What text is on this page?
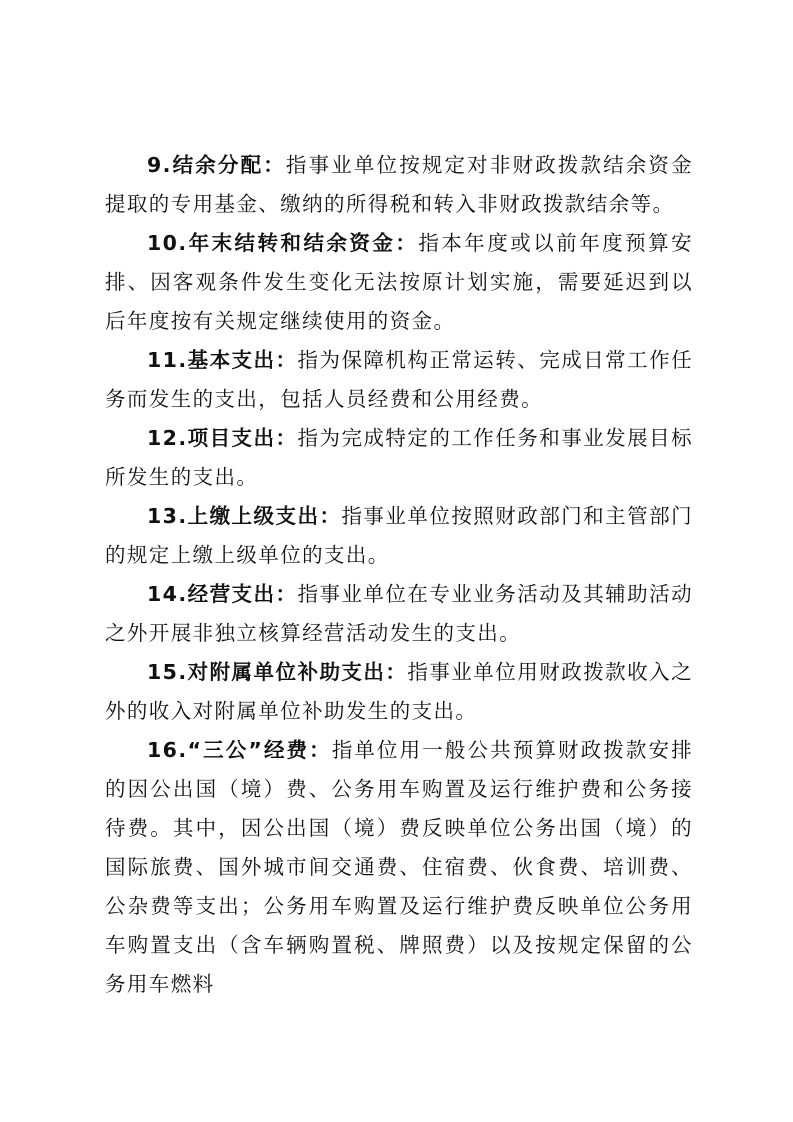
9.结余分配：指事业单位按规定对非财政拨款结余资金提取的专用基金、缴纳的所得税和转入非财政拨款结余等。

10.年末结转和结余资金：指本年度或以前年度预算安排、因客观条件发生变化无法按原计划实施，需要延迟到以后年度按有关规定继续使用的资金。

11.基本支出：指为保障机构正常运转、完成日常工作任务而发生的支出，包括人员经费和公用经费。

12.项目支出：指为完成特定的工作任务和事业发展目标所发生的支出。

13.上缴上级支出：指事业单位按照财政部门和主管部门的规定上缴上级单位的支出。

14.经营支出：指事业单位在专业业务活动及其辅助活动之外开展非独立核算经营活动发生的支出。

15.对附属单位补助支出：指事业单位用财政拨款收入之外的收入对附属单位补助发生的支出。

16.“三公”经费：指单位用一般公共预算财政拨款安排的因公出国（境）费、公务用车购置及运行维护费和公务接待费。其中，因公出国（境）费反映单位公务出国（境）的国际旅费、国外城市间交通费、住宿费、伙食费、培训费、公杂费等支出；公务用车购置及运行维护费反映单位公务用车购置支出（含车辆购置税、牌照费）以及按规定保留的公务用车燃料
